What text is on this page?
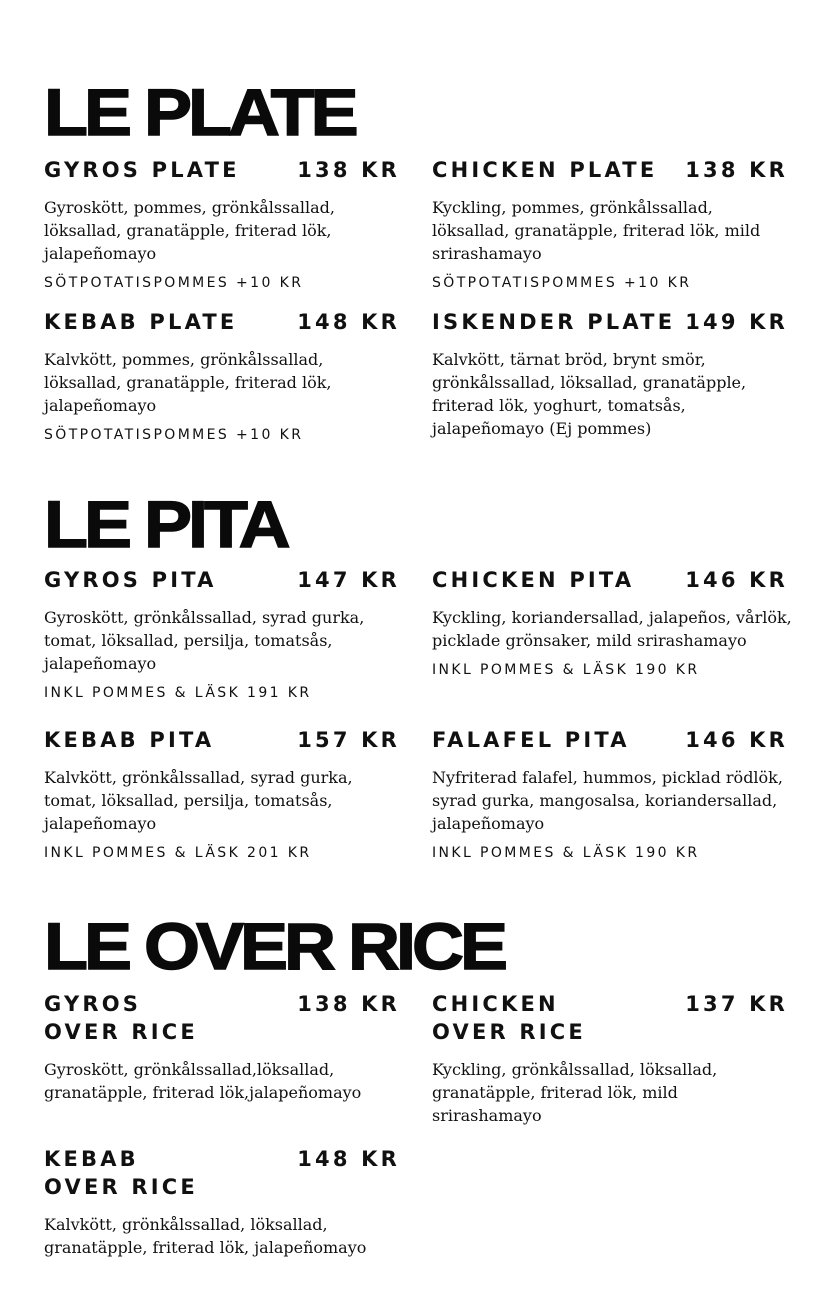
LE PLATE
GYROS PLATE	138 KR
Gyroskött, pommes, grönkålssallad, löksallad, granatäpple, friterad lök, jalapeñomayo
SÖTPOTATISPOMMES +10 KR
CHICKEN PLATE 138 KR
Kyckling, pommes, grönkålssallad, löksallad, granatäpple, friterad lök, mild srirashamayo
SÖTPOTATISPOMMES +10 KR
KEBAB PLATE	148 KR
Kalvkött, pommes, grönkålssallad, löksallad, granatäpple, friterad lök, jalapeñomayo
SÖTPOTATISPOMMES +10 KR
ISKENDER PLATE 149 KR
Kalvkött, tärnat bröd, brynt smör, grönkålssallad, löksallad, granatäpple, friterad lök, yoghurt, tomatsås, jalapeñomayo (Ej pommes)
LE PITA
GYROS PITA	147 KR
Gyroskött, grönkålssallad, syrad gurka, tomat, löksallad, persilja, tomatsås, jalapeñomayo
INKL POMMES & LÄSK 191 KR
CHICKEN PITA 146 KR
Kyckling, koriandersallad, jalapeños, vårlök, picklade grönsaker, mild srirashamayo
INKL POMMES & LÄSK 190 KR
KEBAB PITA	157 KR
Kalvkött, grönkålssallad, syrad gurka, tomat, löksallad, persilja, tomatsås, jalapeñomayo
INKL POMMES & LÄSK 201 KR
FALAFEL PITA	146 KR
Nyfriterad falafel, hummos, picklad rödlök, syrad gurka, mangosalsa, koriandersallad, jalapeñomayo
INKL POMMES & LÄSK 190 KR
LE OVER RICE
GYROS
OVER RICE
138 KR
Gyroskött, grönkålssallad,löksallad, granatäpple, friterad lök,jalapeñomayo
CHICKEN
OVER RICE
137 KR
Kyckling, grönkålssallad, löksallad, granatäpple, friterad lök, mild srirashamayo
KEBAB
OVER RICE
148 KR
Kalvkött, grönkålssallad, löksallad, granatäpple, friterad lök, jalapeñomayo
